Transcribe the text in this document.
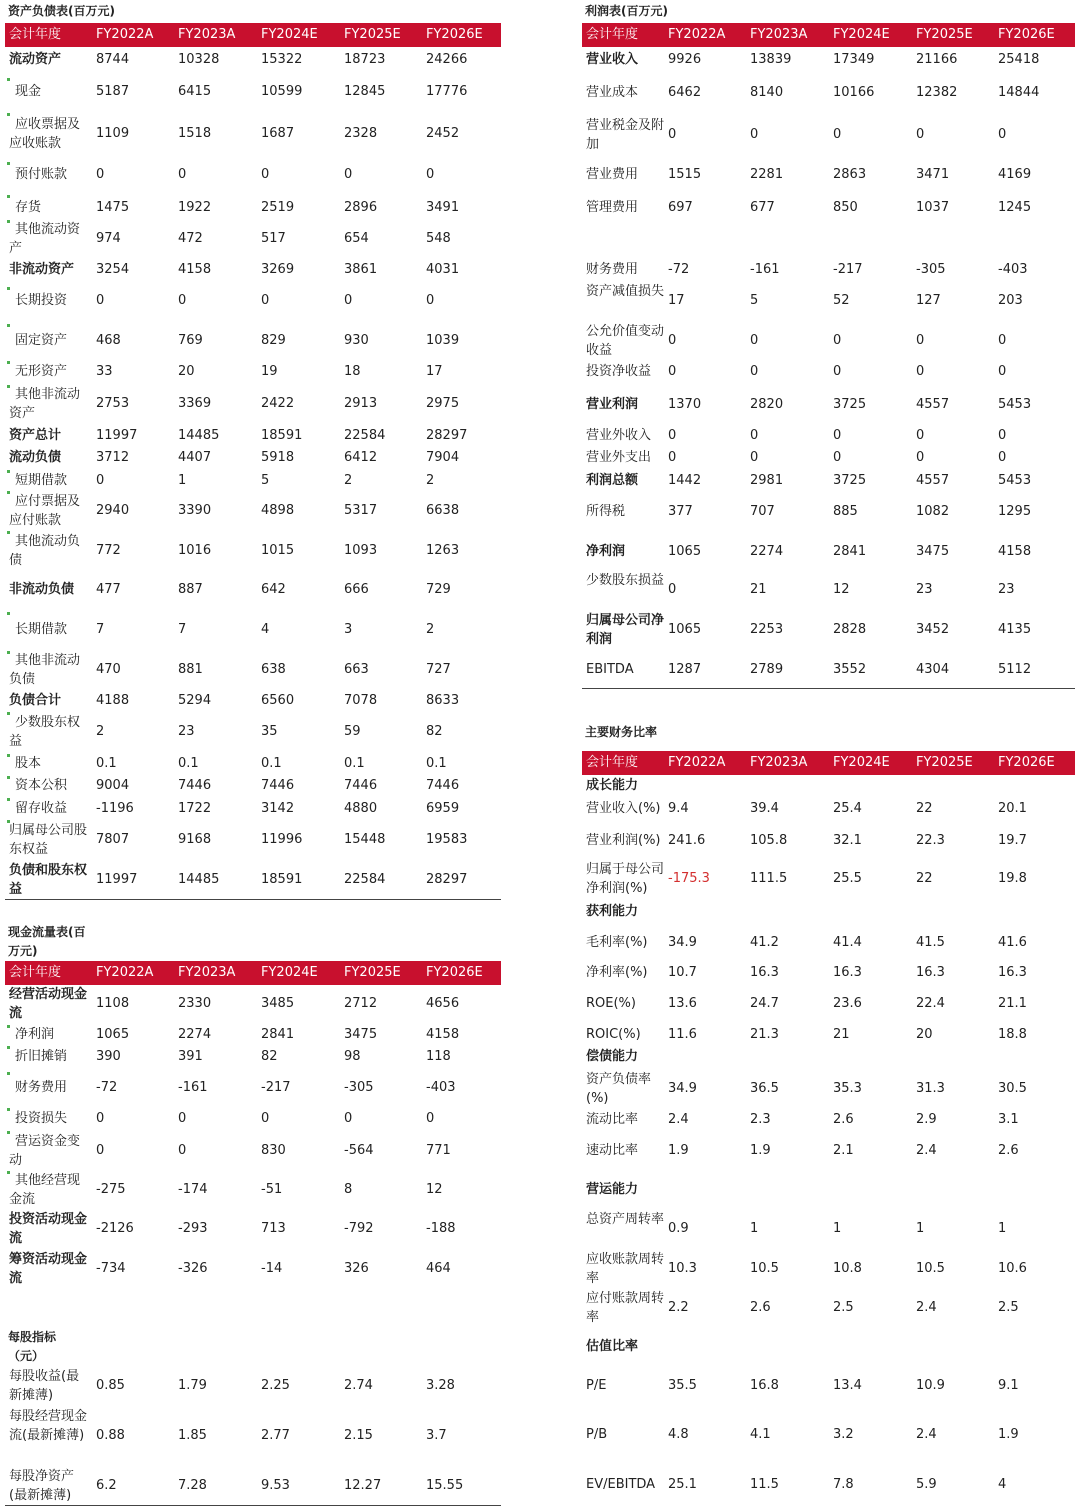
资产负债表(百万元)
会计年度	FY2022A FY2023A FY2024E FY2025E FY2026E
流动资产	8744	10328	15322	18723	24266
现金	5187	6415	10599	12845	17776
应收票据及应收账款
1109	1518	1687	2328	2452
预付账款	0	0	0	0	0
存货	1475	1922	2519	2896	3491
其他流动资产
974	472	517	654	548
非流动资产	3254	4158	3269	3861	4031
长期投资	0	0	0	0	0
固定资产	468	769	829	930	1039
无形资产	33	20	19	18	17
其他非流动资产
2753	3369	2422	2913	2975
资产总计	11997	14485	18591	22584	28297
流动负债	3712	4407	5918	6412	7904
短期借款	0	1	5	2	2
应付票据及应付账款
2940	3390	4898	5317	6638
其他流动负债
772	1016	1015	1093	1263
非流动负债	477	887	642	666	729
长期借款	7	7	4	3	2
其他非流动负债
470	881	638	663	727
负债合计	4188	5294	6560	7078	8633
少数股东权益
2	23	35	59	82
股本	0.1	0.1	0.1	0.1	0.1
资本公积	9004	7446	7446	7446	7446
留存收益	-1196	1722	3142	4880	6959
归属母公司股东权益
7807	9168	11996	15448	19583
负债和股东权益
11997	14485	18591	22584	28297
现金流量表(百万元)
会计年度	FY2022A FY2023A FY2024E FY2025E FY2026E
经营活动现金流
1108	2330	3485	2712	4656
净利润	1065	2274	2841	3475	4158
折旧摊销	390	391	82	98	118
财务费用	-72	-161	-217	-305	-403
投资损失	0	0	0	0	0
营运资金变动
0	0	830	-564	771
其他经营现金流
-275	-174	-51	8	12
投资活动现金流
-2126	-293	713	-792	-188
筹资活动现金流
-734	-326	-14	326	464
每股指标（元）
每股收益(最新摊薄)
0.85	1.79	2.25	2.74	3.28
每股经营现金流(最新摊薄) 0.88	1.85	2.77	2.15	3.7
每股净资产(最新摊薄)
6.2	7.28	9.53	12.27	15.55
利润表(百万元)
会计年度 FY2022A FY2023A FY2024E FY2025E FY2026E
营业收入	9926	13839	17349	21166	25418
营业成本	6462	8140	10166	12382	14844
营业税金及附加
0	0	0	0	0
营业费用	1515	2281	2863	3471	4169
管理费用	697	677	850	1037	1245
财务费用	-72	-161	-217	-305	-403
资产减值损失
17	5	52	127	203
公允价值变动收益
0	0	0	0	0
投资净收益	0	0	0	0	0
营业利润	1370	2820	3725	4557	5453
营业外收入	0	0	0	0	0
营业外支出	0	0	0	0	0
利润总额	1442	2981	3725	4557	5453
所得税	377	707	885	1082	1295
净利润	1065	2274	2841	3475	4158
少数股东损益
0	21	12	23	23
归属母公司净利润
1065	2253	2828	3452	4135
EBITDA	1287	2789	3552	4304	5112
主要财务比率
会计年度 FY2022A FY2023A FY2024E FY2025E FY2026E
成长能力
营业收入(%) 9.4	39.4	25.4	22	20.1
营业利润(%) 241.6	105.8	32.1	22.3	19.7
归属于母公司净利润(%)
-175.3	111.5	25.5	22	19.8
获利能力
毛利率(%)	34.9	41.2	41.4	41.5	41.6
净利率(%)	10.7	16.3	16.3	16.3	16.3
ROE(%)	13.6	24.7	23.6	22.4	21.1
ROIC(%)	11.6	21.3	21	20	18.8
偿债能力
资产负债率(%)
34.9	36.5	35.3	31.3	30.5
流动比率	2.4	2.3	2.6	2.9	3.1
速动比率	1.9	1.9	2.1	2.4	2.6
营运能力
总资产周转率
0.9	1	1	1	1
应收账款周转率
10.3	10.5	10.8	10.5	10.6
应付账款周转率
2.2	2.6	2.5	2.4	2.5
估值比率
P/E	35.5	16.8	13.4	10.9	9.1
P/B	4.8	4.1	3.2	2.4	1.9
EV/EBITDA 25.1	11.5	7.8	5.9	4
